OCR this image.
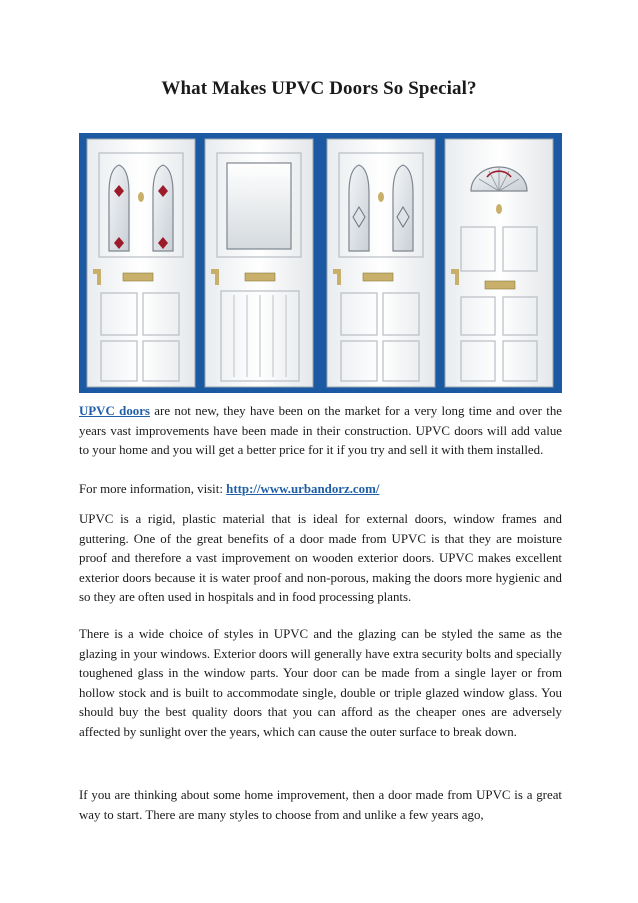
What Makes UPVC Doors So Special?

UPVC doors are not new, they have been on the market for a very long time and over the years vast improvements have been made in their construction. UPVC doors will add value to your home and you will get a better price for it if you try and sell it with them installed.

For more information, visit: http://www.urbandorz.com/

UPVC is a rigid, plastic material that is ideal for external doors, window frames and guttering. One of the great benefits of a door made from UPVC is that they are moisture proof and therefore a vast improvement on wooden exterior doors. UPVC makes excellent exterior doors because it is water proof and non-porous, making the doors more hygienic and so they are often used in hospitals and in food processing plants.

There is a wide choice of styles in UPVC and the glazing can be styled the same as the glazing in your windows. Exterior doors will generally have extra security bolts and specially toughened glass in the window parts. Your door can be made from a single layer or from hollow stock and is built to accommodate single, double or triple glazed window glass. You should buy the best quality doors that you can afford as the cheaper ones are adversely affected by sunlight over the years, which can cause the outer surface to break down.

If you are thinking about some home improvement, then a door made from UPVC is a great way to start. There are many styles to choose from and unlike a few years ago,
